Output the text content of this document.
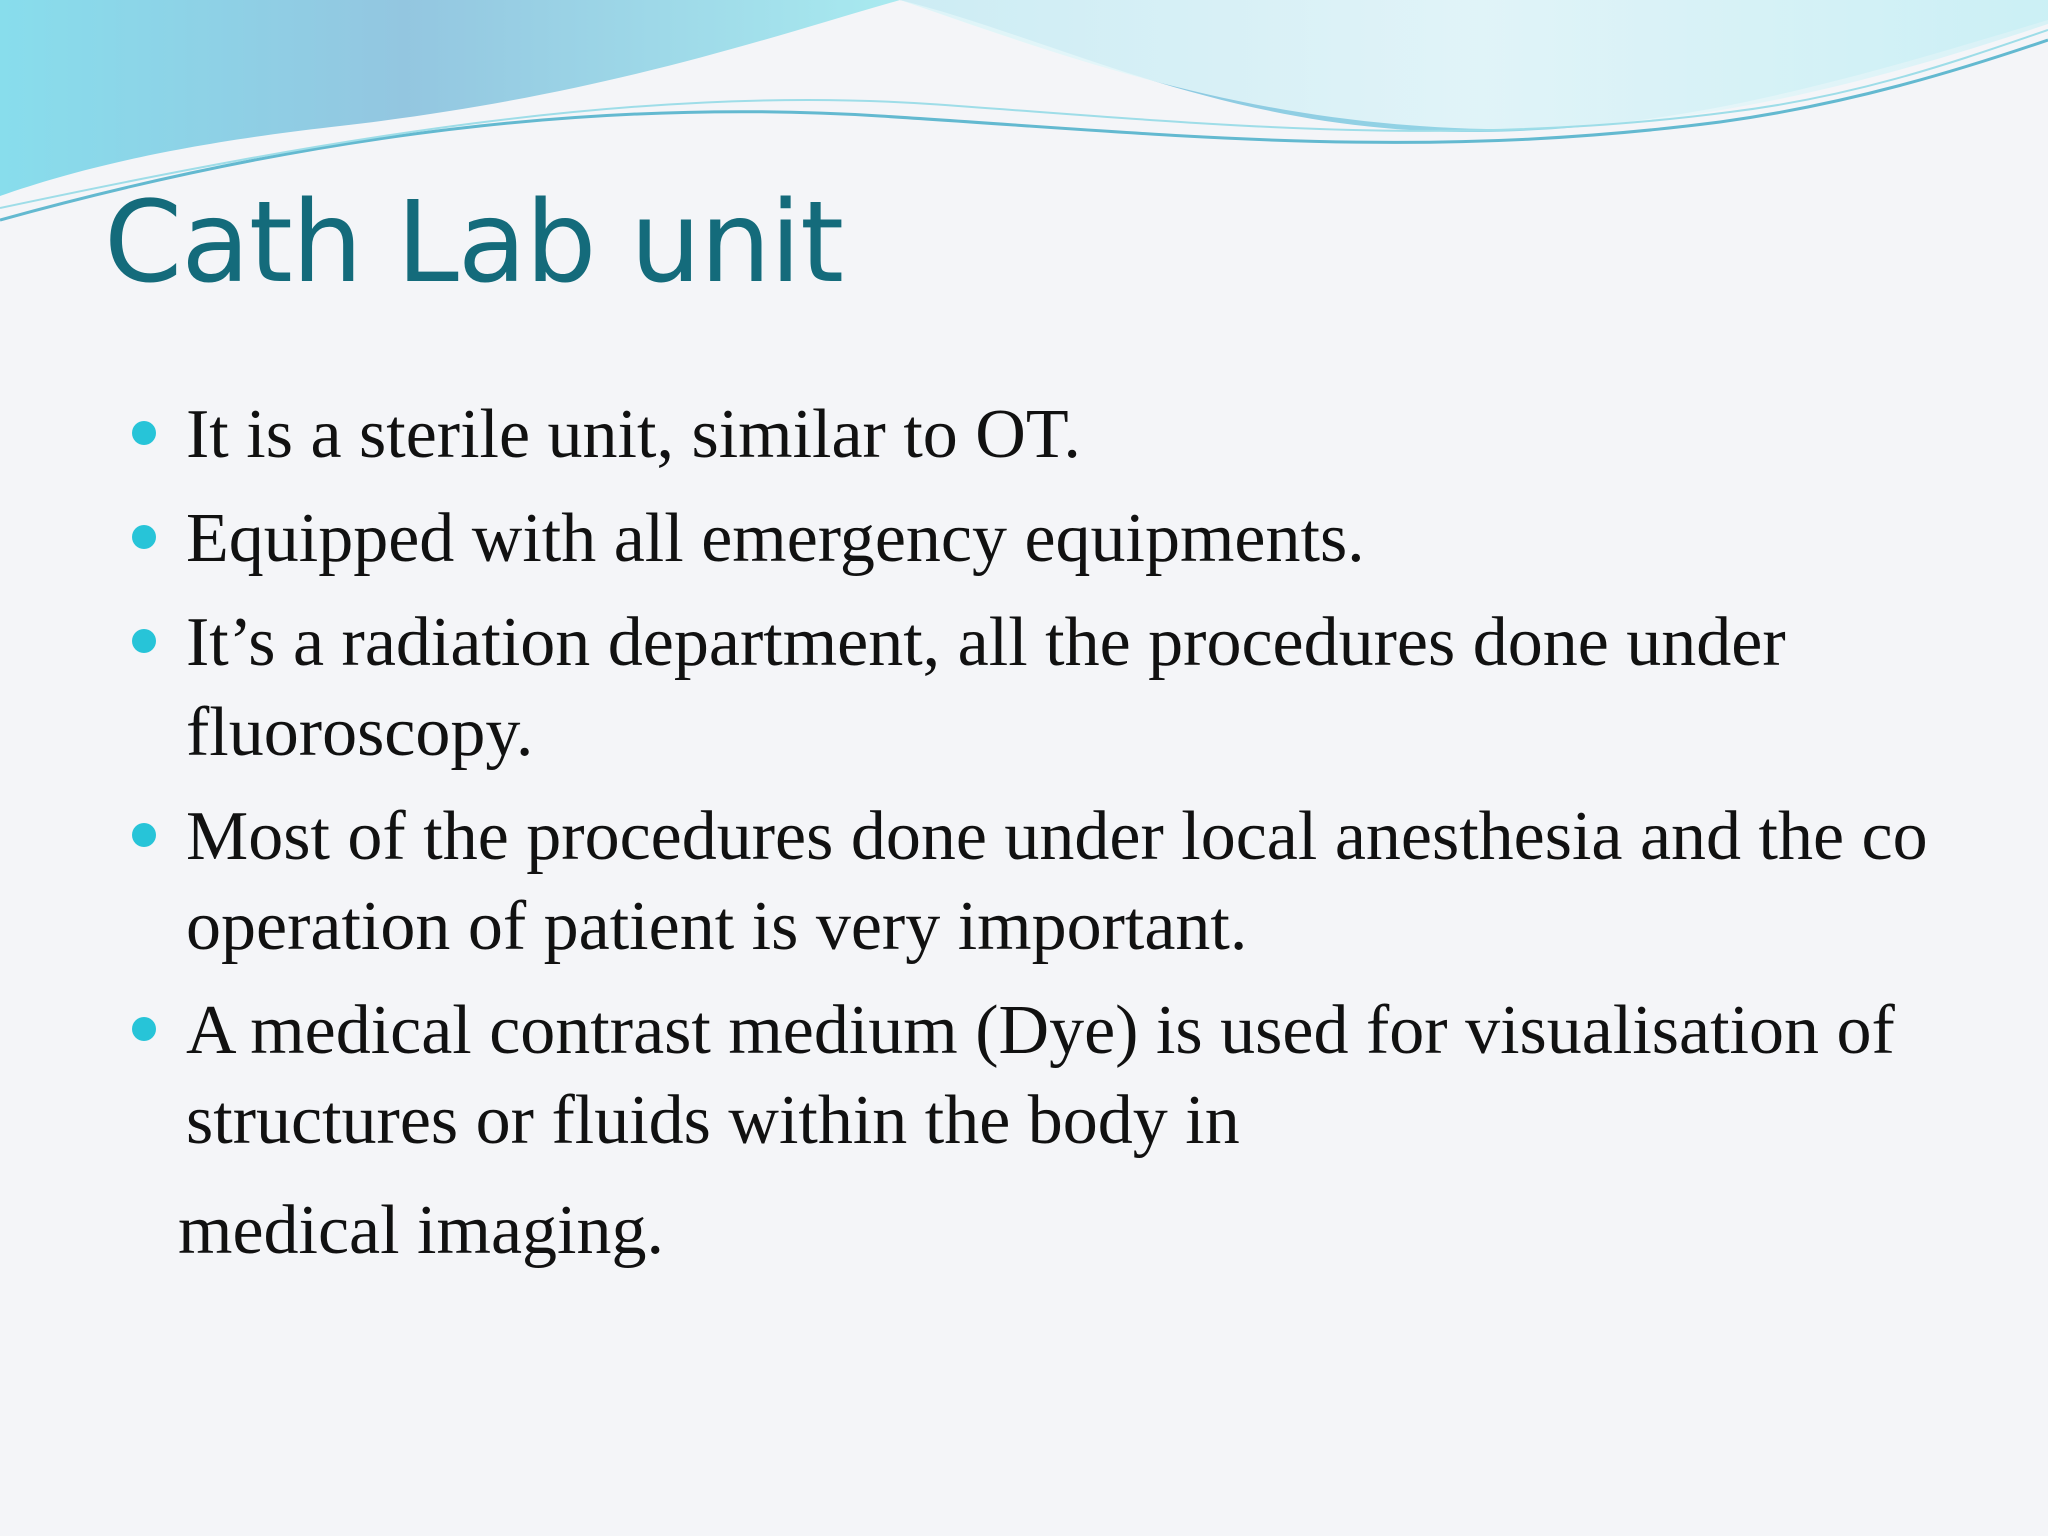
Cath Lab unit
It is a sterile unit, similar to OT.
Equipped with all emergency equipments.
It’s a radiation department, all the procedures done under fluoroscopy.
Most of the procedures done under local anesthesia and the co operation of patient is very important.
A medical contrast medium (Dye) is used for visualisation of structures or fluids within the body in

medical imaging.
